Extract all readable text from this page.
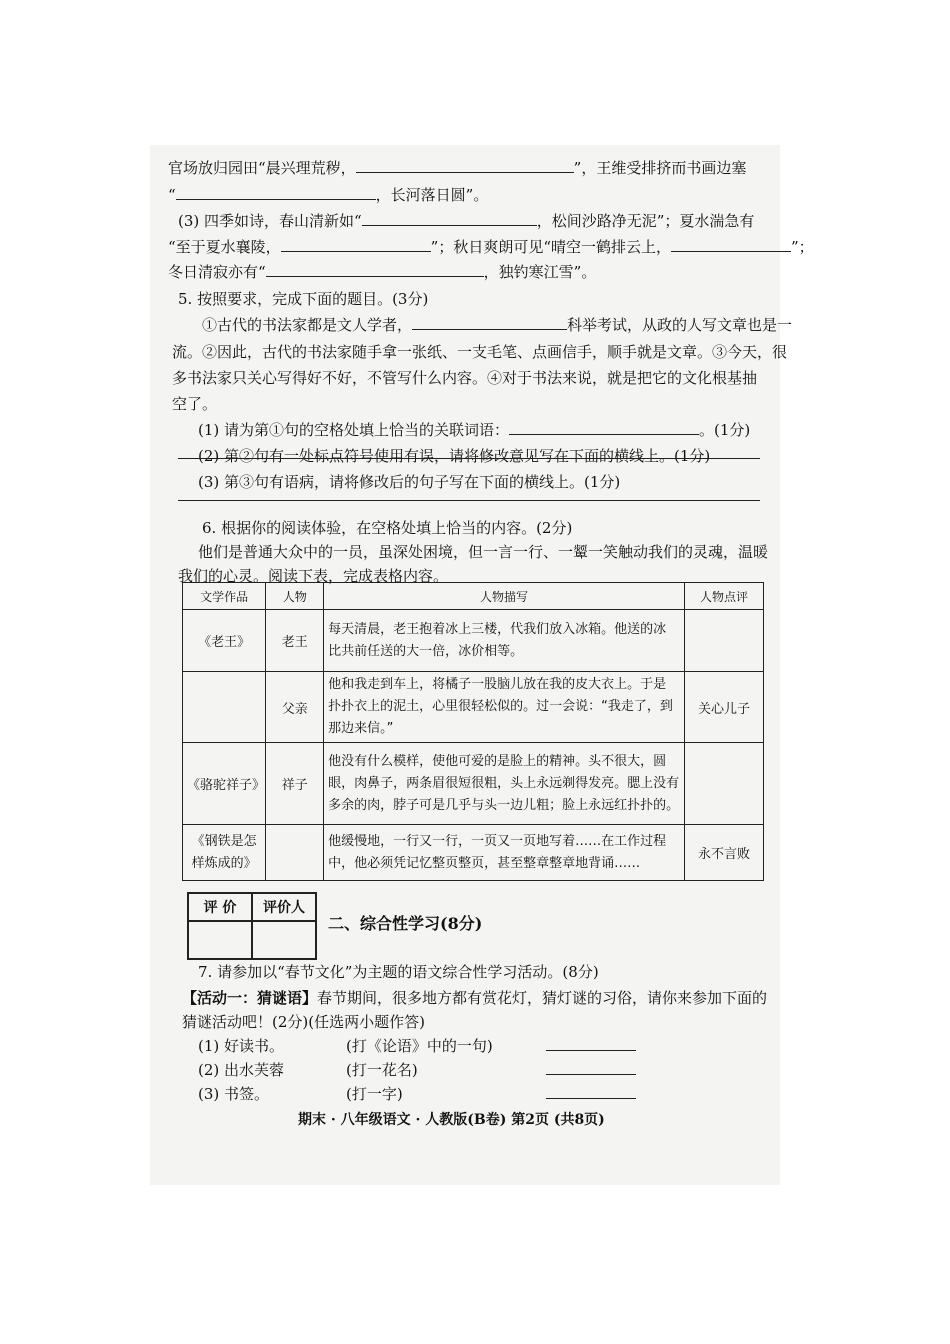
官场放归园田“晨兴理荒秽，	”，王维受排挤而书画边塞
“	，长河落日圆”。
(3) 四季如诗，春山清新如“	，松间沙路净无泥”；夏水湍急有
“至于夏水襄陵，	”；秋日爽朗可见“晴空一鹤排云上，	”；
冬日清寂亦有“	，独钓寒江雪”。
5. 按照要求，完成下面的题目。(3分)
①古代的书法家都是文人学者，	科举考试，从政的人写文章也是一
流。②因此，古代的书法家随手拿一张纸、一支毛笔、点画信手，顺手就是文章。③今天，很
多书法家只关心写得好不好，不管写什么内容。④对于书法来说，就是把它的文化根基抽
空了。
(1) 请为第①句的空格处填上恰当的关联词语：	。(1分)
(2) 第②句有一处标点符号使用有误，请将修改意见写在下面的横线上。(1分)
(3) 第③句有语病，请将修改后的句子写在下面的横线上。(1分)
6. 根据你的阅读体验，在空格处填上恰当的内容。(2分)
他们是普通大众中的一员，虽深处困境，但一言一行、一颦一笑触动我们的灵魂，温暖
我们的心灵。阅读下表，完成表格内容。
文学作品	人物	人物描写	人物点评
《老王》	老王	每天清晨，老王抱着冰上三楼，代我们放入冰箱。他送的冰
比共前任送的大一倍，冰价相等。	

	父亲	他和我走到车上，将橘子一股脑儿放在我的皮大衣上。于是
扑扑衣上的泥土，心里很轻松似的。过一会说：“我走了，到
那边来信。”	关心儿子
《骆驼祥子》	祥子	他没有什么模样，使他可爱的是脸上的精神。头不很大，圆
眼，肉鼻子，两条眉很短很粗，头上永远剃得发亮。腮上没有
多余的肉，脖子可是几乎与头一边儿粗；脸上永远红扑扑的。	

《钢铁是怎样炼成的》		他缓慢地，一行又一行，一页又一页地写着……在工作过程
中，他必须凭记忆整页整页，甚至整章整章地背诵……	永不言败
评 价	评价人

二、综合性学习(8分)
7. 请参加以“春节文化”为主题的语文综合性学习活动。(8分)
【活动一：猜谜语】春节期间，很多地方都有赏花灯，猜灯谜的习俗，请你来参加下面的
猜谜活动吧！(2分)(任选两小题作答)
(1) 好读书。	(打《论语》中的一句)
(2) 出水芙蓉	(打一花名)
(3) 书签。	(打一字)
期末 · 八年级语文 · 人教版(B卷) 第2页 (共8页)
